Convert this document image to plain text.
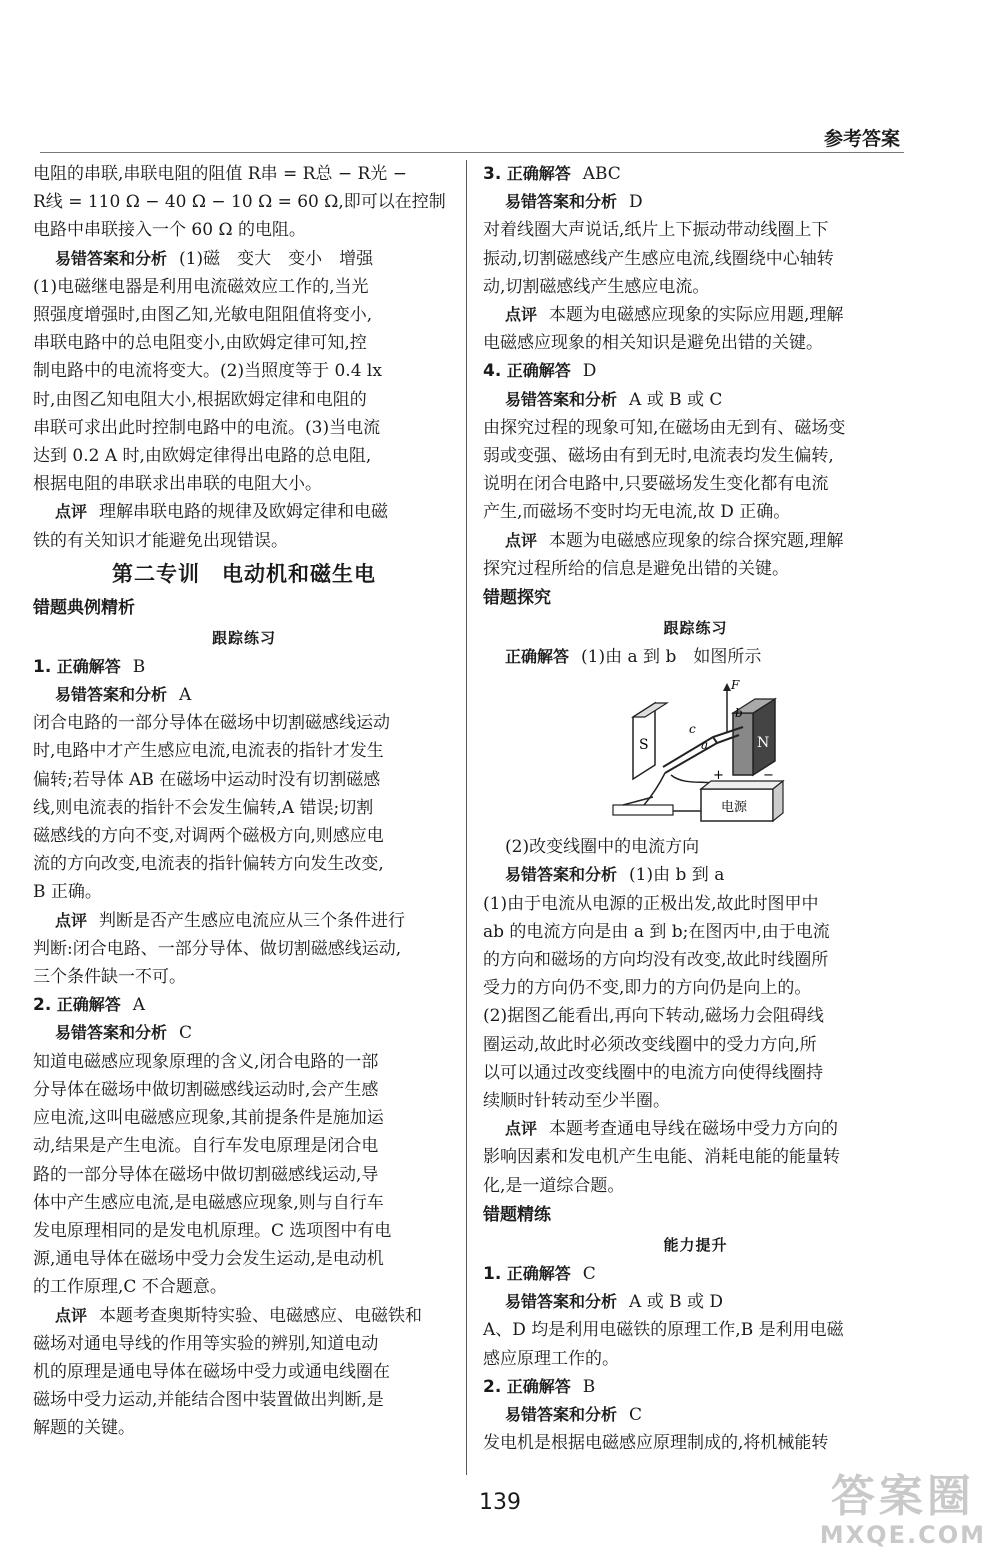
参考答案

电阻的串联,串联电阻的阻值 R串 = R总 − R光 −

R线 = 110 Ω − 40 Ω − 10 Ω = 60 Ω,即可以在控制

电路中串联接入一个 60 Ω 的电阻。

易错答案和分析 (1)磁　变大　变小　增强

(1)电磁继电器是利用电流磁效应工作的,当光

照强度增强时,由图乙知,光敏电阻阻值将变小,

串联电路中的总电阻变小,由欧姆定律可知,控

制电路中的电流将变大。(2)当照度等于 0.4 lx

时,由图乙知电阻大小,根据欧姆定律和电阻的

串联可求出此时控制电路中的电流。(3)当电流

达到 0.2 A 时,由欧姆定律得出电路的总电阻,

根据电阻的串联求出串联的电阻大小。

点评 理解串联电路的规律及欧姆定律和电磁

铁的有关知识才能避免出现错误。

第二专训　电动机和磁生电
错题典例精析
跟踪练习

1. 正确解答 B

易错答案和分析 A

闭合电路的一部分导体在磁场中切割磁感线运动

时,电路中才产生感应电流,电流表的指针才发生

偏转;若导体 AB 在磁场中运动时没有切割磁感

线,则电流表的指针不会发生偏转,A 错误;切割

磁感线的方向不变,对调两个磁极方向,则感应电

流的方向改变,电流表的指针偏转方向发生改变,

B 正确。

点评 判断是否产生感应电流应从三个条件进行

判断:闭合电路、一部分导体、做切割磁感线运动,

三个条件缺一不可。

2. 正确解答 A

易错答案和分析 C

知道电磁感应现象原理的含义,闭合电路的一部

分导体在磁场中做切割磁感线运动时,会产生感

应电流,这叫电磁感应现象,其前提条件是施加运

动,结果是产生电流。自行车发电原理是闭合电

路的一部分导体在磁场中做切割磁感线运动,导

体中产生感应电流,是电磁感应现象,则与自行车

发电原理相同的是发电机原理。C 选项图中有电

源,通电导体在磁场中受力会发生运动,是电动机

的工作原理,C 不合题意。

点评 本题考查奥斯特实验、电磁感应、电磁铁和

磁场对通电导线的作用等实验的辨别,知道电动

机的原理是通电导体在磁场中受力或通电线圈在

磁场中受力运动,并能结合图中装置做出判断,是

解题的关键。

3. 正确解答 ABC

易错答案和分析 D

对着线圈大声说话,纸片上下振动带动线圈上下

振动,切割磁感线产生感应电流,线圈绕中心轴转

动,切割磁感线产生感应电流。

点评 本题为电磁感应现象的实际应用题,理解

电磁感应现象的相关知识是避免出错的关键。

4. 正确解答 D

易错答案和分析 A 或 B 或 C

由探究过程的现象可知,在磁场由无到有、磁场变

弱或变强、磁场由有到无时,电流表均发生偏转,

说明在闭合电路中,只要磁场发生变化都有电流

产生,而磁场不变时均无电流,故 D 正确。

点评 本题为电磁感应现象的综合探究题,理解

探究过程所给的信息是避免出错的关键。

错题探究
跟踪练习

正确解答 (1)由 a 到 b　如图所示

S	N
F
a
b
c
+	−
电源

(2)改变线圈中的电流方向

易错答案和分析 (1)由 b 到 a

(1)由于电流从电源的正极出发,故此时图甲中

ab 的电流方向是由 a 到 b;在图丙中,由于电流

的方向和磁场的方向均没有改变,故此时线圈所

受力的方向仍不变,即力的方向仍是向上的。

(2)据图乙能看出,再向下转动,磁场力会阻碍线

圈运动,故此时必须改变线圈中的受力方向,所

以可以通过改变线圈中的电流方向使得线圈持

续顺时针转动至少半圈。

点评 本题考查通电导线在磁场中受力方向的

影响因素和发电机产生电能、消耗电能的能量转

化,是一道综合题。

错题精练
能力提升

1. 正确解答 C

易错答案和分析 A 或 B 或 D

A、D 均是利用电磁铁的原理工作,B 是利用电磁

感应原理工作的。

2. 正确解答 B

易错答案和分析 C

发电机是根据电磁感应原理制成的,将机械能转

139	答案圈
MXQE.COM
